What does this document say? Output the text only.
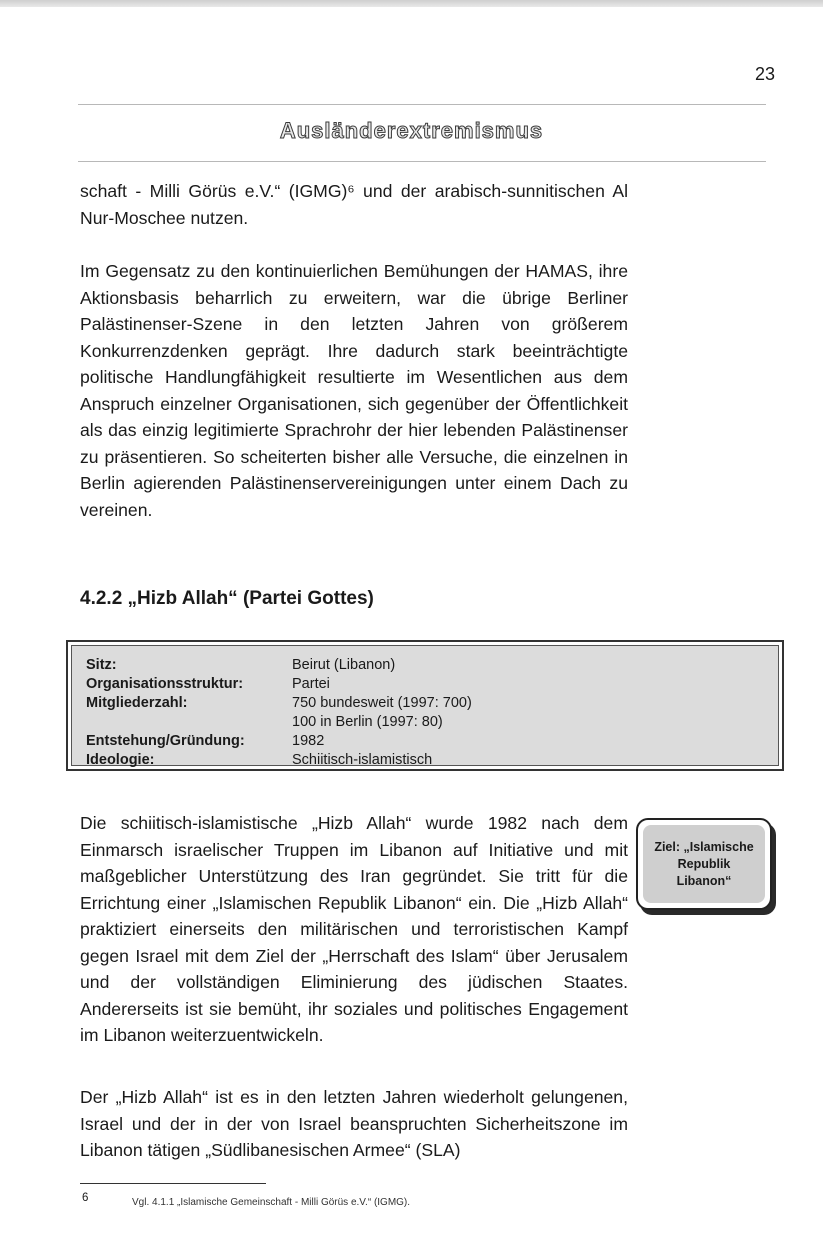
23
Ausländerextremismus

schaft - Milli Görüs e.V.“ (IGMG)⁶ und der arabisch-sunnitischen Al Nur-Moschee nutzen.

Im Gegensatz zu den kontinuierlichen Bemühungen der HAMAS, ihre Aktionsbasis beharrlich zu erweitern, war die übrige Berliner Palästinenser-Szene in den letzten Jahren von größerem Konkurrenzdenken geprägt. Ihre dadurch stark beeinträchtigte politische Handlungfähigkeit resultierte im Wesentlichen aus dem Anspruch einzelner Organisationen, sich gegenüber der Öffentlichkeit als das einzig legitimierte Sprachrohr der hier lebenden Palästinenser zu präsentieren. So scheiterten bisher alle Versuche, die einzelnen in Berlin agierenden Palästinenservereinigungen unter einem Dach zu vereinen.

4.2.2 „Hizb Allah“ (Partei Gottes)
Sitz:	Beirut (Libanon)
Organisationsstruktur:	Partei
Mitgliederzahl:	750 bundesweit (1997: 700)
100 in Berlin (1997: 80)
Entstehung/Gründung:	1982
Ideologie:	Schiitisch-islamistisch

Die schiitisch-islamistische „Hizb Allah“ wurde 1982 nach dem Einmarsch israelischer Truppen im Libanon auf Initiative und mit maßgeblicher Unterstützung des Iran gegründet. Sie tritt für die Errichtung einer „Islamischen Republik Libanon“ ein. Die „Hizb Allah“ praktiziert einerseits den militärischen und terroristischen Kampf gegen Israel mit dem Ziel der „Herrschaft des Islam“ über Jerusalem und der vollständigen Eliminierung des jüdischen Staates. Andererseits ist sie bemüht, ihr soziales und politisches Engagement im Libanon weiterzuentwickeln.

Der „Hizb Allah“ ist es in den letzten Jahren wiederholt gelungenen, Israel und der in der von Israel beanspruchten Sicherheitszone im Libanon tätigen „Südlibanesischen Armee“ (SLA)

Ziel: „Islamische Republik Libanon“
6	Vgl. 4.1.1 „Islamische Gemeinschaft - Milli Görüs e.V.“ (IGMG).
